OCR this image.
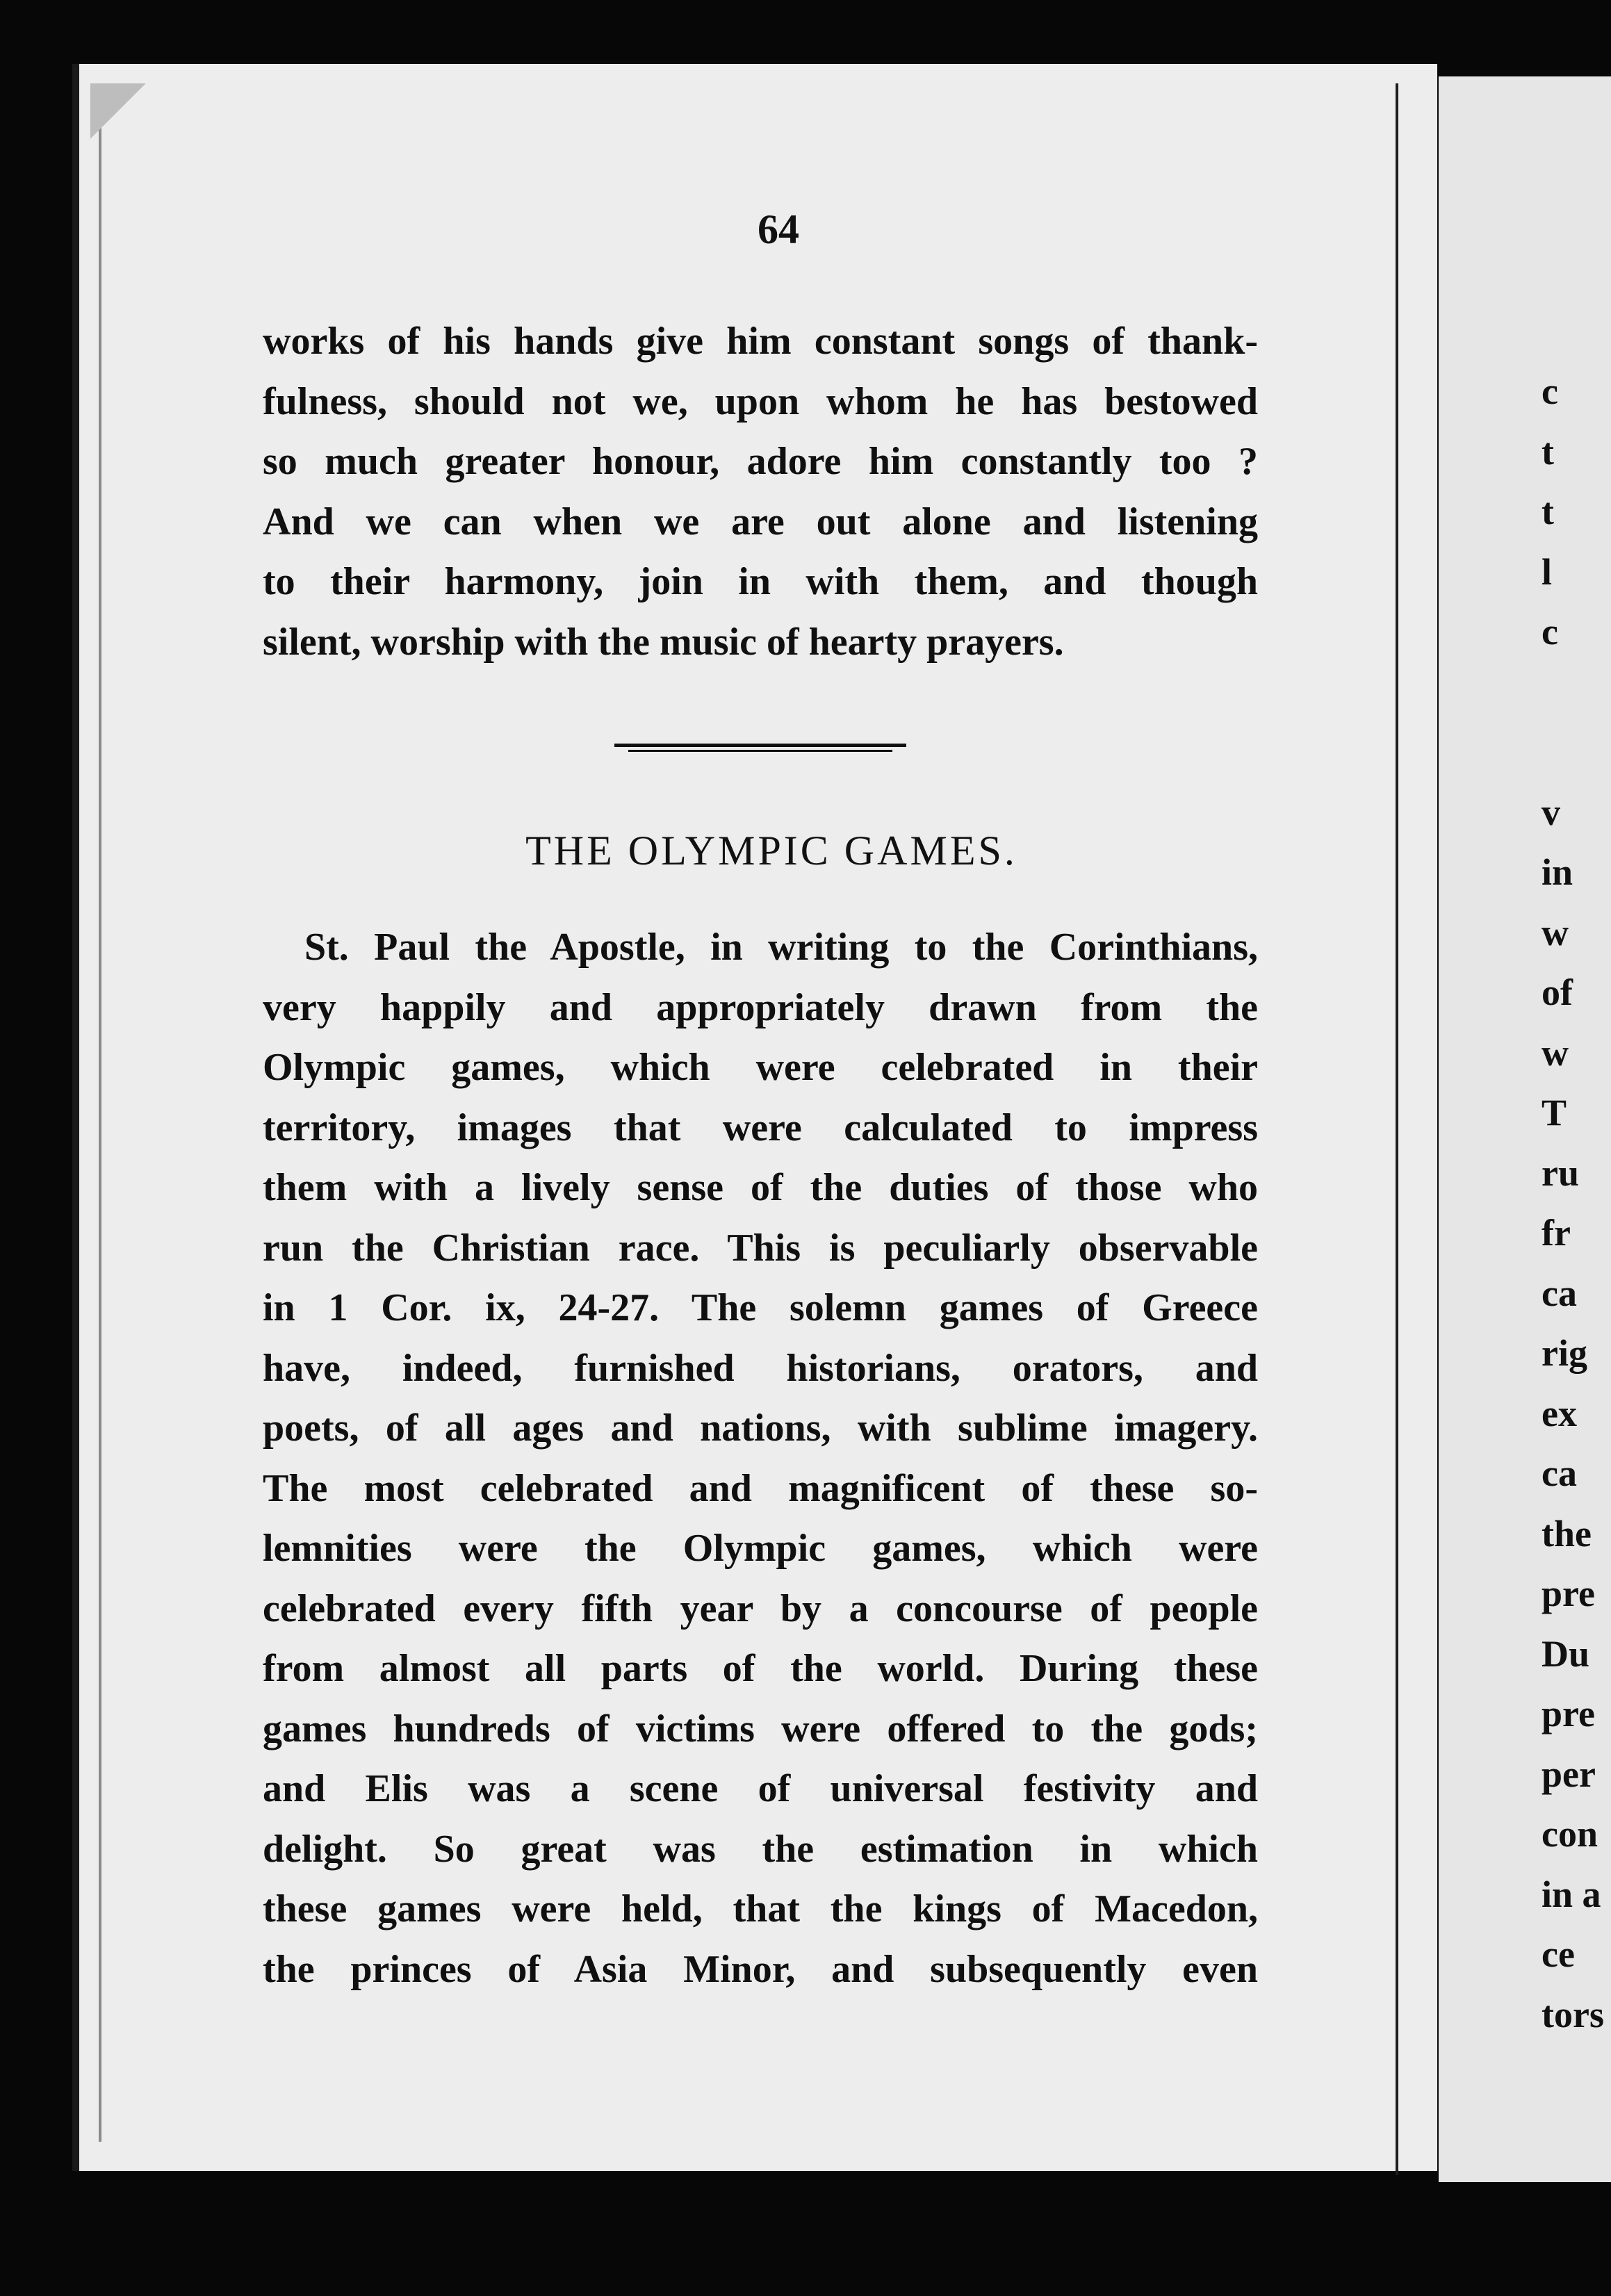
64
works of his hands give him constant songs of thank-
fulness, should not we, upon whom he has bestowed
so much greater honour, adore him constantly too ?
And we can when we are out alone and listening
to their harmony, join in with them, and though
silent, worship with the music of hearty prayers.
THE OLYMPIC GAMES.
St. Paul the Apostle, in writing to the Corinthians,
very happily and appropriately drawn from the
Olympic games, which were celebrated in their
territory, images that were calculated to impress
them with a lively sense of the duties of those who
run the Christian race. This is peculiarly observable
in 1 Cor. ix, 24-27. The solemn games of Greece
have, indeed, furnished historians, orators, and
poets, of all ages and nations, with sublime imagery.
The most celebrated and magnificent of these so-
lemnities were the Olympic games, which were
celebrated every fifth year by a concourse of people
from almost all parts of the world. During these
games hundreds of victims were offered to the gods;
and Elis was a scene of universal festivity and
delight. So great was the estimation in which
these games were held, that the kings of Macedon,
the princes of Asia Minor, and subsequently even
c
t
t
l
c
v
in
w
of
w
T
ru
fr
ca
rig
ex
ca
the
pre
Du
pre
per
con
in a
ce
tors
